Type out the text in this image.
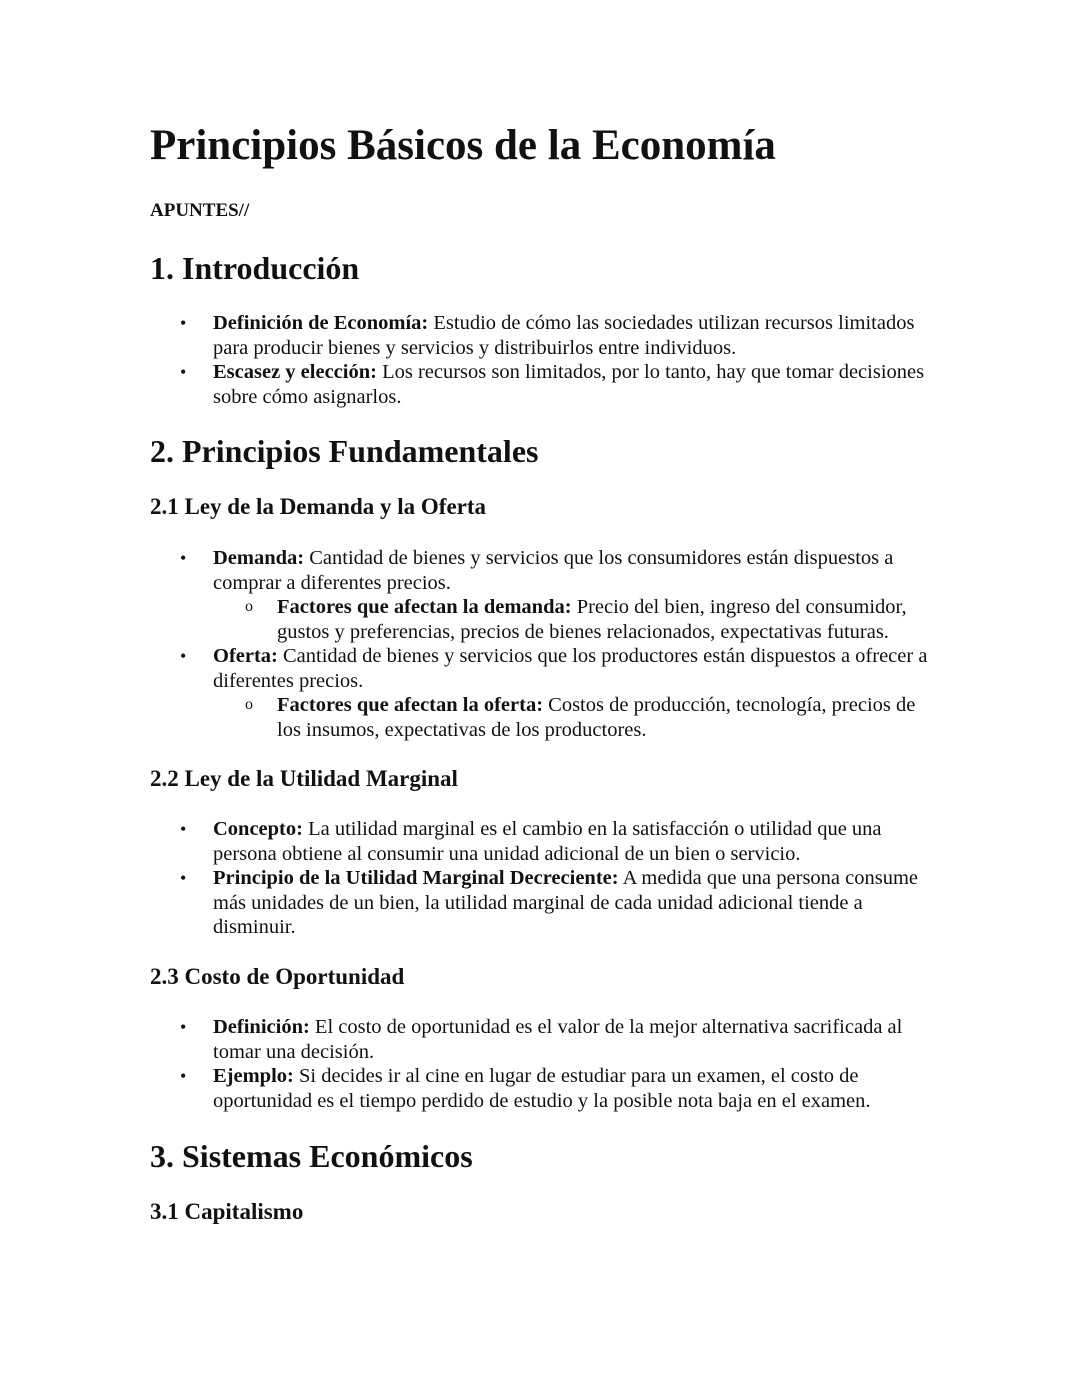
Principios Básicos de la Economía
APUNTES//
1. Introducción
• Definición de Economía: Estudio de cómo las sociedades utilizan recursos limitados para producir bienes y servicios y distribuirlos entre individuos.
• Escasez y elección: Los recursos son limitados, por lo tanto, hay que tomar decisiones sobre cómo asignarlos.
2. Principios Fundamentales
2.1 Ley de la Demanda y la Oferta
• Demanda: Cantidad de bienes y servicios que los consumidores están dispuestos a comprar a diferentes precios.
o Factores que afectan la demanda: Precio del bien, ingreso del consumidor, gustos y preferencias, precios de bienes relacionados, expectativas futuras.
• Oferta: Cantidad de bienes y servicios que los productores están dispuestos a ofrecer a diferentes precios.
o Factores que afectan la oferta: Costos de producción, tecnología, precios de los insumos, expectativas de los productores.
2.2 Ley de la Utilidad Marginal
• Concepto: La utilidad marginal es el cambio en la satisfacción o utilidad que una persona obtiene al consumir una unidad adicional de un bien o servicio.
• Principio de la Utilidad Marginal Decreciente: A medida que una persona consume más unidades de un bien, la utilidad marginal de cada unidad adicional tiende a disminuir.
2.3 Costo de Oportunidad
• Definición: El costo de oportunidad es el valor de la mejor alternativa sacrificada al tomar una decisión.
• Ejemplo: Si decides ir al cine en lugar de estudiar para un examen, el costo de oportunidad es el tiempo perdido de estudio y la posible nota baja en el examen.
3. Sistemas Económicos
3.1 Capitalismo
